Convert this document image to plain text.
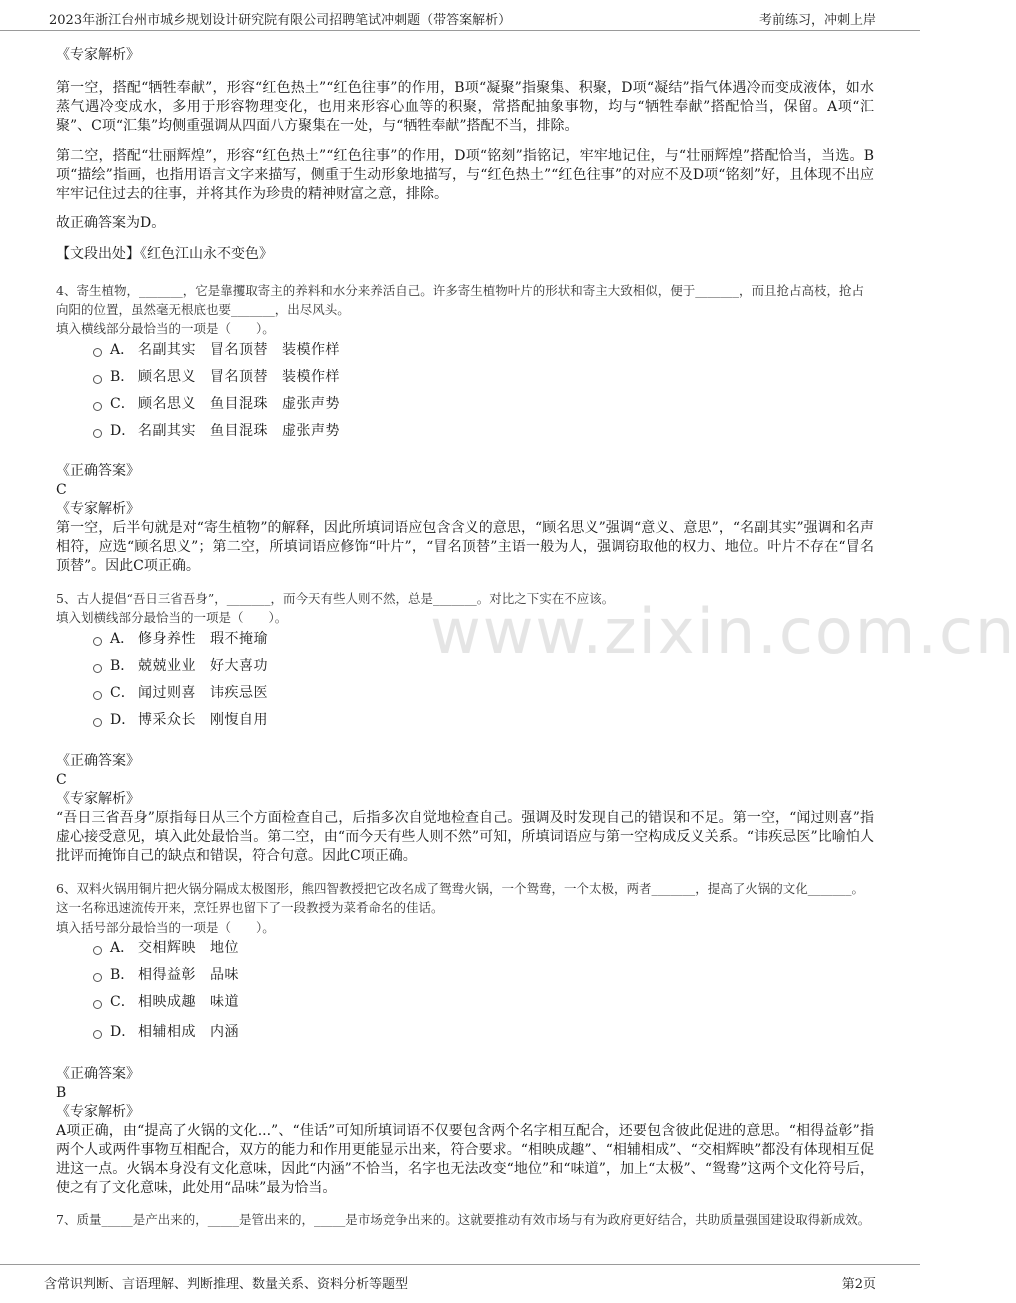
2023年浙江台州市城乡规划设计研究院有限公司招聘笔试冲刺题（带答案解析）	考前练习，冲刺上岸
www.zixin.com.cn
《专家解析》
第一空，搭配“牺牲奉献”，形容“红色热土”“红色往事”的作用，B项“凝聚”指聚集、积聚，D项“凝结”指气体遇冷而变成液体，如水蒸气遇冷变成水，多用于形容物理变化，也用来形容心血等的积聚，常搭配抽象事物，均与“牺牲奉献”搭配恰当，保留。A项“汇聚”、C项“汇集”均侧重强调从四面八方聚集在一处，与“牺牲奉献”搭配不当，排除。
第二空，搭配“壮丽辉煌”，形容“红色热土”“红色往事”的作用，D项“铭刻”指铭记，牢牢地记住，与“壮丽辉煌”搭配恰当，当选。B项“描绘”指画，也指用语言文字来描写，侧重于生动形象地描写，与“红色热土”“红色往事”的对应不及D项“铭刻”好，且体现不出应牢牢记住过去的往事，并将其作为珍贵的精神财富之意，排除。
故正确答案为D。
【文段出处】《红色江山永不变色》
4、寄生植物，_______，它是靠攫取寄主的养料和水分来养活自己。许多寄生植物叶片的形状和寄主大致相似，便于_______，而且抢占高枝，抢占向阳的位置，虽然毫无根底也要_______，出尽风头。
填入横线部分最恰当的一项是（　　）。
A． 名副其实 冒名顶替 装模作样
B． 顾名思义 冒名顶替 装模作样
C． 顾名思义 鱼目混珠 虚张声势
D． 名副其实 鱼目混珠 虚张声势
《正确答案》
C
《专家解析》
第一空，后半句就是对“寄生植物”的解释，因此所填词语应包含含义的意思，“顾名思义”强调“意义、意思”，“名副其实”强调和名声相符，应选“顾名思义”；第二空，所填词语应修饰“叶片”，“冒名顶替”主语一般为人，强调窃取他的权力、地位。叶片不存在“冒名顶替”。因此C项正确。
5、古人提倡“吾日三省吾身”，_______，而今天有些人则不然，总是_______。对比之下实在不应该。
填入划横线部分最恰当的一项是（　　）。
A． 修身养性 瑕不掩瑜
B． 兢兢业业 好大喜功
C． 闻过则喜 讳疾忌医
D． 博采众长 刚愎自用
《正确答案》
C
《专家解析》
“吾日三省吾身”原指每日从三个方面检查自己，后指多次自觉地检查自己。强调及时发现自己的错误和不足。第一空，“闻过则喜”指虚心接受意见，填入此处最恰当。第二空，由“而今天有些人则不然”可知，所填词语应与第一空构成反义关系。“讳疾忌医”比喻怕人批评而掩饰自己的缺点和错误，符合句意。因此C项正确。
6、双料火锅用铜片把火锅分隔成太极图形，熊四智教授把它改名成了鸳鸯火锅，一个鸳鸯，一个太极，两者_______，提高了火锅的文化_______。这一名称迅速流传开来，烹饪界也留下了一段教授为菜肴命名的佳话。
填入括号部分最恰当的一项是（　　）。
A． 交相辉映 地位
B． 相得益彰 品味
C． 相映成趣 味道
D． 相辅相成 内涵
《正确答案》
B
《专家解析》
A项正确，由“提高了火锅的文化...”、“佳话”可知所填词语不仅要包含两个名字相互配合，还要包含彼此促进的意思。“相得益彰”指两个人或两件事物互相配合，双方的能力和作用更能显示出来，符合要求。“相映成趣”、“相辅相成”、“交相辉映”都没有体现相互促进这一点。火锅本身没有文化意味，因此“内涵”不恰当，名字也无法改变“地位”和“味道”，加上“太极”、“鸳鸯”这两个文化符号后，使之有了文化意味，此处用“品味”最为恰当。
7、质量_____是产出来的，_____是管出来的，_____是市场竞争出来的。这就要推动有效市场与有为政府更好结合，共助质量强国建设取得新成效。
含常识判断、言语理解、判断推理、数量关系、资料分析等题型	第2页
